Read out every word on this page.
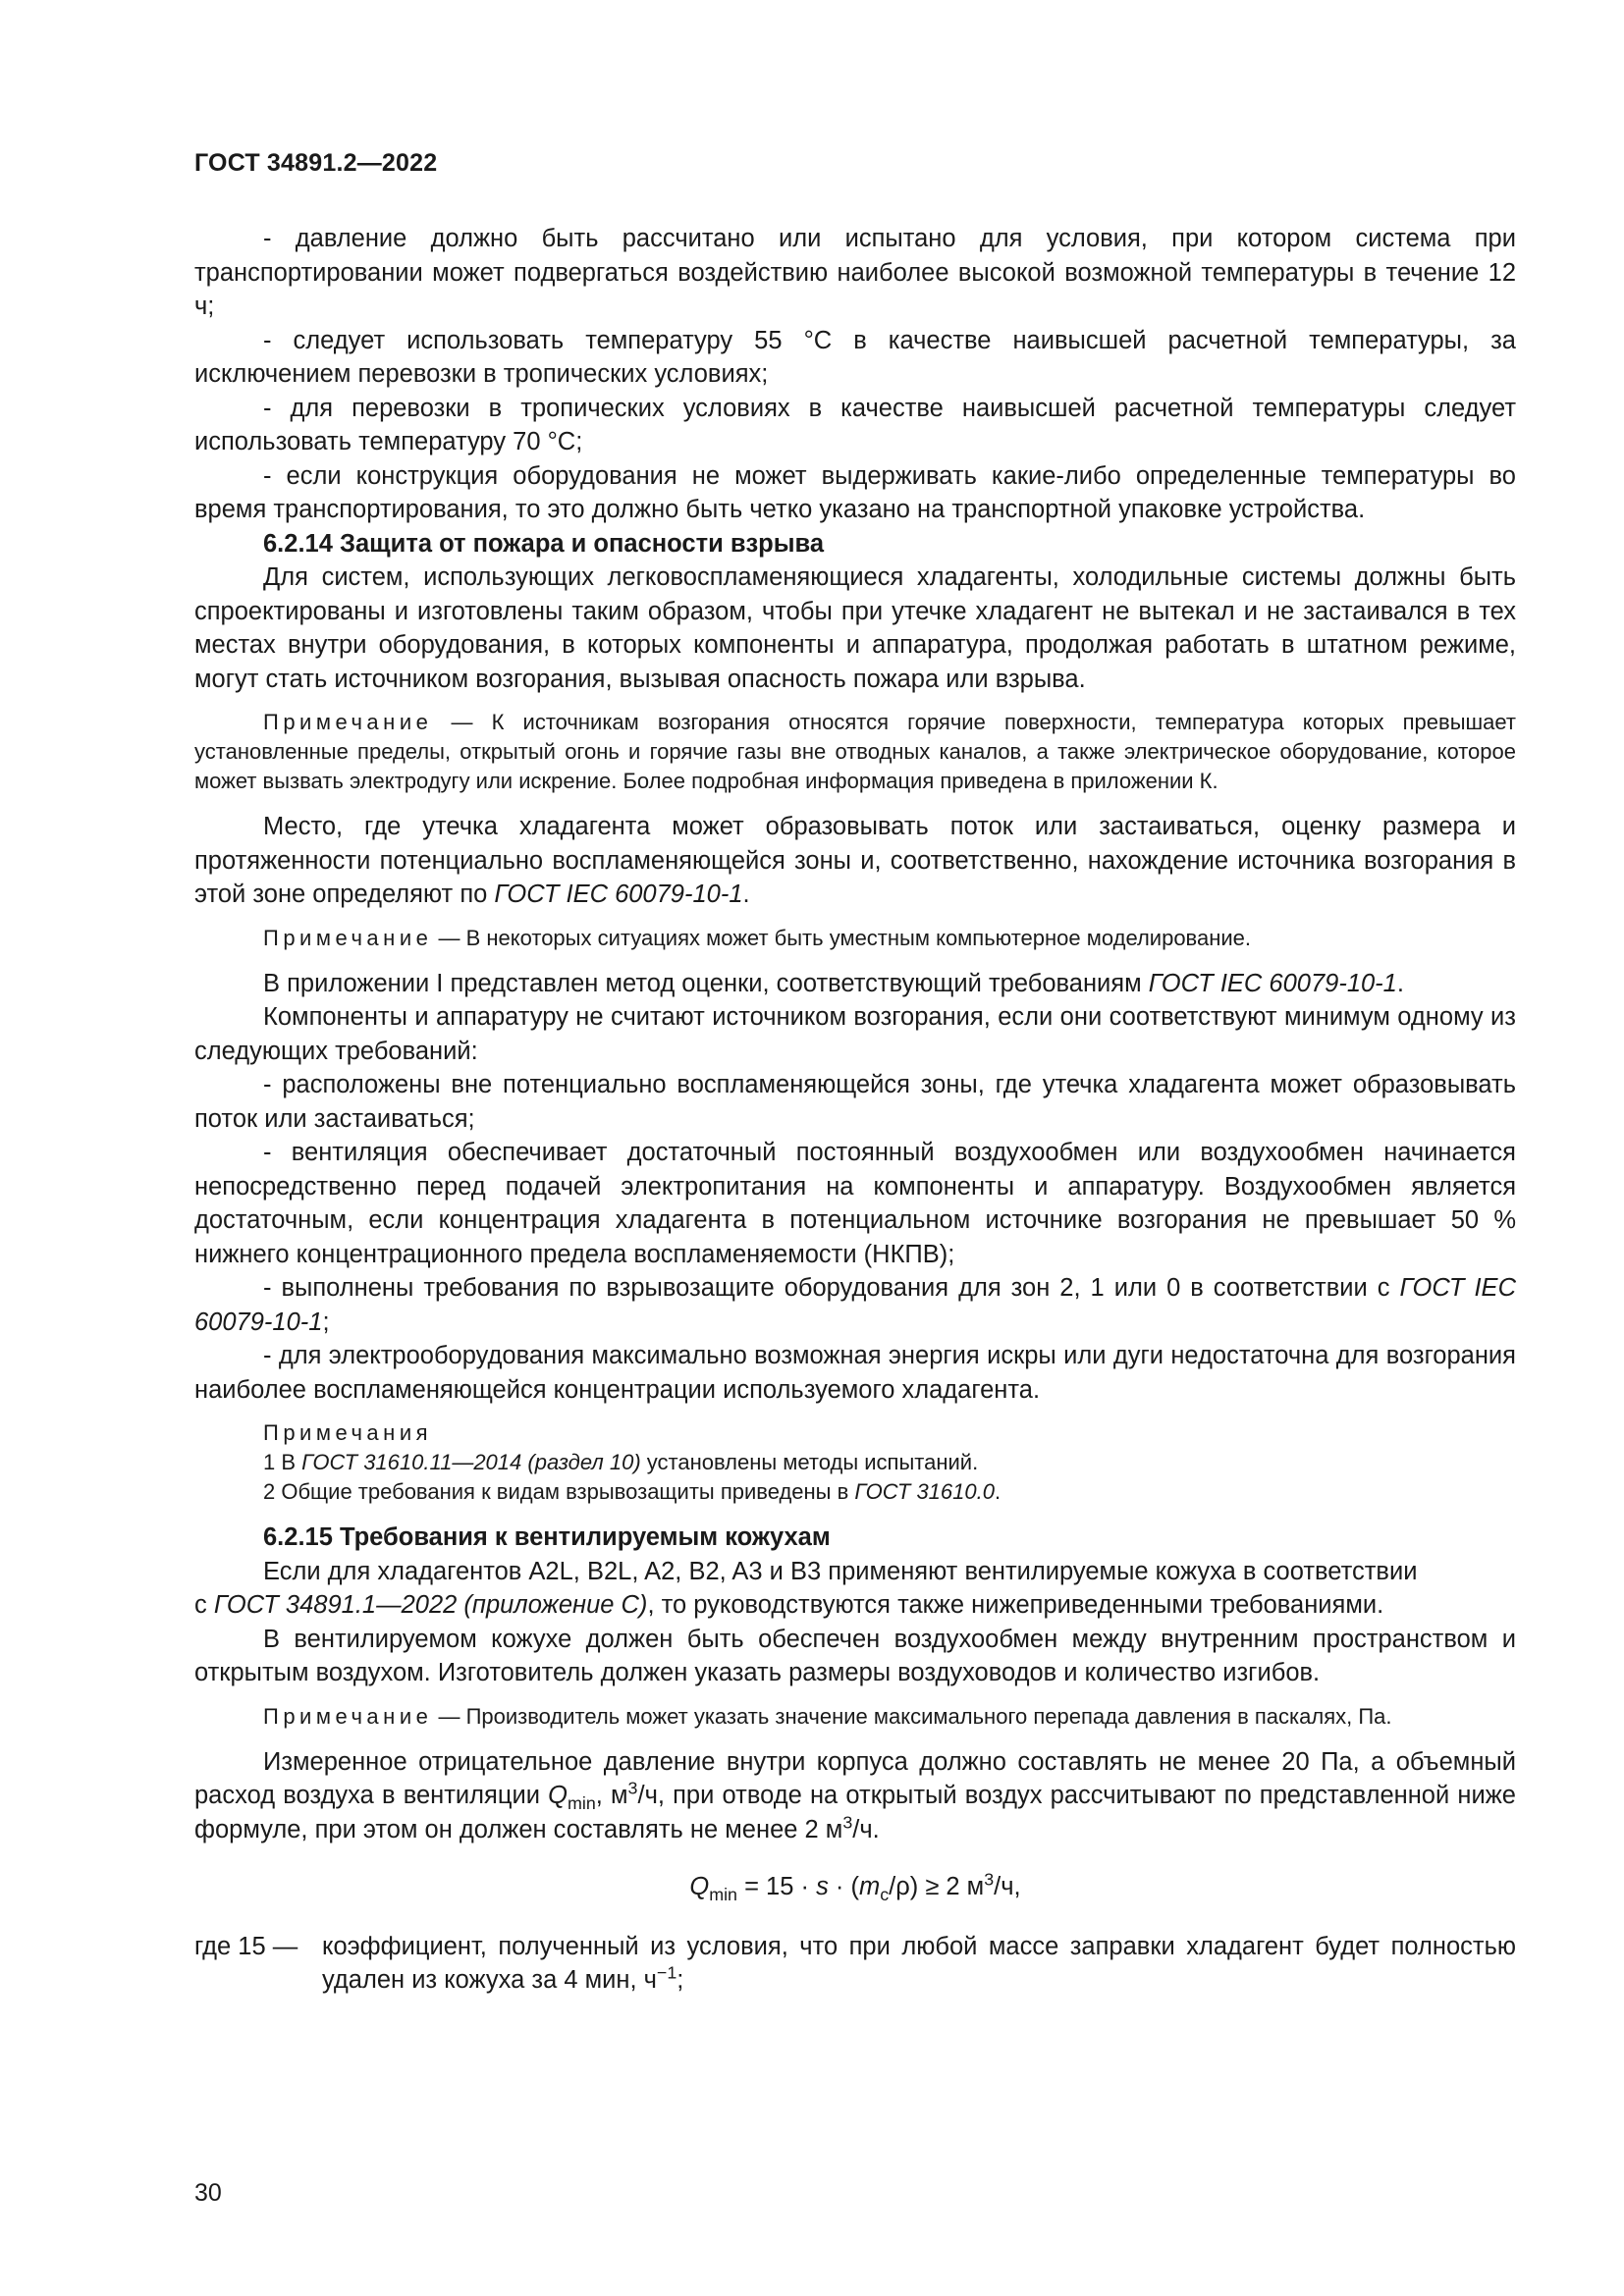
ГОСТ 34891.2—2022

- давление должно быть рассчитано или испытано для условия, при котором система при транспортировании может подвергаться воздействию наиболее высокой возможной температуры в течение 12 ч;

- следует использовать температуру 55 °С в качестве наивысшей расчетной температуры, за исключением перевозки в тропических условиях;

- для перевозки в тропических условиях в качестве наивысшей расчетной температуры следует использовать температуру 70 °С;

- если конструкция оборудования не может выдерживать какие-либо определенные температуры во время транспортирования, то это должно быть четко указано на транспортной упаковке устройства.

6.2.14 Защита от пожара и опасности взрыва

Для систем, использующих легковоспламеняющиеся хладагенты, холодильные системы должны быть спроектированы и изготовлены таким образом, чтобы при утечке хладагент не вытекал и не застаивался в тех местах внутри оборудования, в которых компоненты и аппаратура, продолжая работать в штатном режиме, могут стать источником возгорания, вызывая опасность пожара или взрыва.

Примечание — К источникам возгорания относятся горячие поверхности, температура которых превышает установленные пределы, открытый огонь и горячие газы вне отводных каналов, а также электрическое оборудование, которое может вызвать электродугу или искрение. Более подробная информация приведена в приложении К.

Место, где утечка хладагента может образовывать поток или застаиваться, оценку размера и протяженности потенциально воспламеняющейся зоны и, соответственно, нахождение источника возгорания в этой зоне определяют по ГОСТ IEC 60079-10-1.

Примечание — В некоторых ситуациях может быть уместным компьютерное моделирование.

В приложении I представлен метод оценки, соответствующий требованиям ГОСТ IEC 60079-10-1.

Компоненты и аппаратуру не считают источником возгорания, если они соответствуют минимум одному из следующих требований:

- расположены вне потенциально воспламеняющейся зоны, где утечка хладагента может образовывать поток или застаиваться;

- вентиляция обеспечивает достаточный постоянный воздухообмен или воздухообмен начинается непосредственно перед подачей электропитания на компоненты и аппаратуру. Воздухообмен является достаточным, если концентрация хладагента в потенциальном источнике возгорания не превышает 50 % нижнего концентрационного предела воспламеняемости (НКПВ);

- выполнены требования по взрывозащите оборудования для зон 2, 1 или 0 в соответствии с ГОСТ IEC 60079-10-1;

- для электрооборудования максимально возможная энергия искры или дуги недостаточна для возгорания наиболее воспламеняющейся концентрации используемого хладагента.

Примечания
1 В ГОСТ 31610.11—2014 (раздел 10) установлены методы испытаний.
2 Общие требования к видам взрывозащиты приведены в ГОСТ 31610.0.
6.2.15 Требования к вентилируемым кожухам

Если для хладагентов A2L, B2L, A2, B2, A3 и B3 применяют вентилируемые кожуха в соответствии

с ГОСТ 34891.1—2022 (приложение С), то руководствуются также нижеприведенными требованиями.

В вентилируемом кожухе должен быть обеспечен воздухообмен между внутренним пространством и открытым воздухом. Изготовитель должен указать размеры воздуховодов и количество изгибов.

Примечание — Производитель может указать значение максимального перепада давления в паскалях, Па.

Измеренное отрицательное давление внутри корпуса должно составлять не менее 20 Па, а объемный расход воздуха в вентиляции $Q_{min}$, $м^3/ч$, при отводе на открытый воздух рассчитывают по представленной ниже формуле, при этом он должен составлять не менее 2 $м^3/ч$.

$Q_{min} = 15 \cdot s \cdot (m_c/\rho) \ge 2$ $м^3/ч$,
где 15 — коэффициент, полученный из условия, что при любой массе заправки хладагент будет полностью удален из кожуха за 4 мин, $ч^{-1}$;
30
